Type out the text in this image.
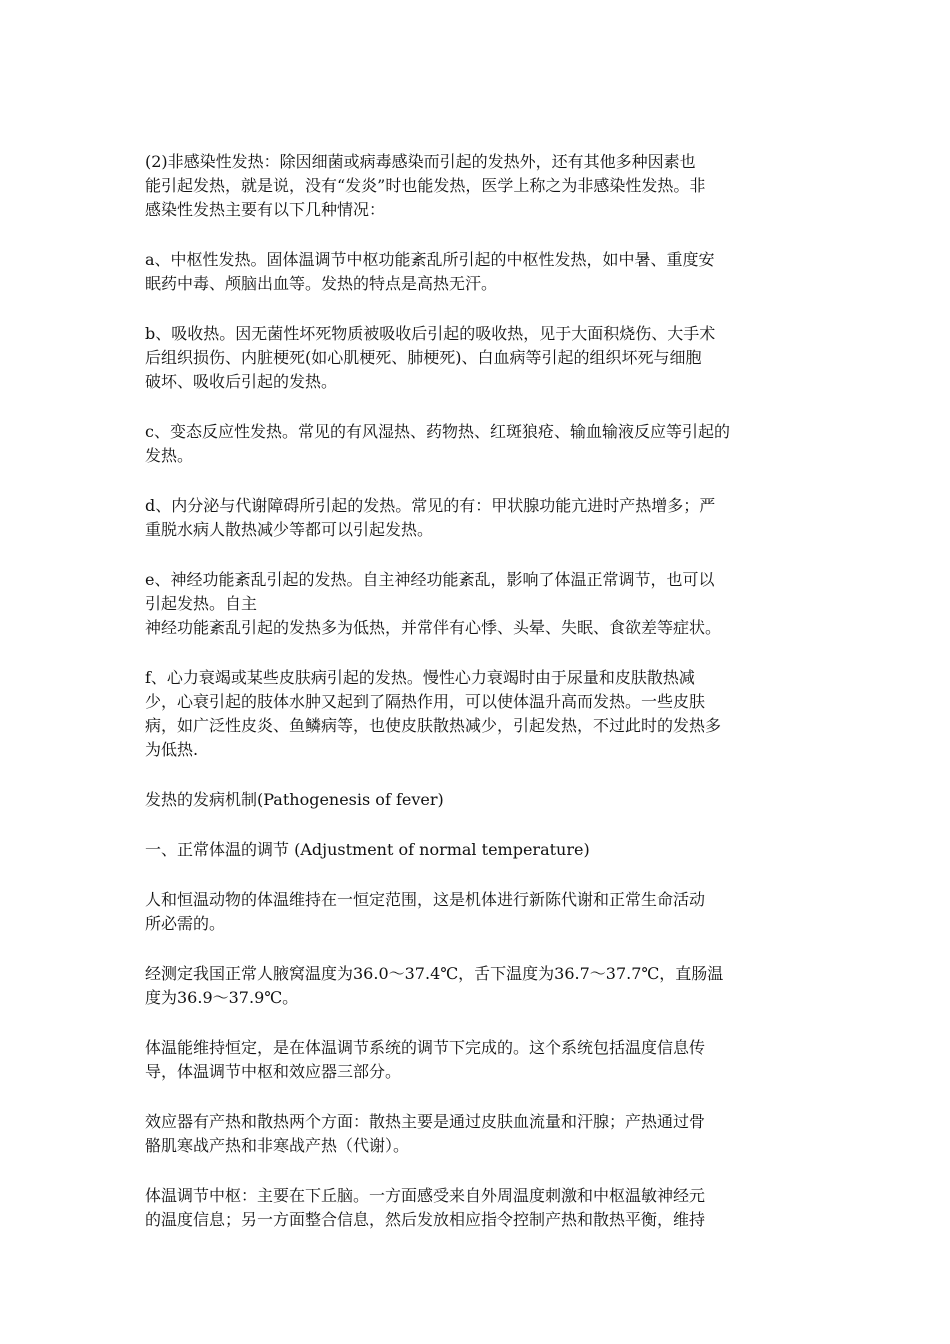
(2)非感染性发热：除因细菌或病毒感染而引起的发热外，还有其他多种因素也
能引起发热，就是说，没有“发炎”时也能发热，医学上称之为非感染性发热。非
感染性发热主要有以下几种情况：

a、中枢性发热。固体温调节中枢功能紊乱所引起的中枢性发热，如中暑、重度安
眠药中毒、颅脑出血等。发热的特点是高热无汗。

b、吸收热。因无菌性坏死物质被吸收后引起的吸收热，见于大面积烧伤、大手术
后组织损伤、内脏梗死(如心肌梗死、肺梗死)、白血病等引起的组织坏死与细胞
破坏、吸收后引起的发热。

c、变态反应性发热。常见的有风湿热、药物热、红斑狼疮、输血输液反应等引起的
发热。

d、内分泌与代谢障碍所引起的发热。常见的有：甲状腺功能亢进时产热增多；严
重脱水病人散热减少等都可以引起发热。

e、神经功能紊乱引起的发热。自主神经功能紊乱，影响了体温正常调节，也可以
引起发热。自主
神经功能紊乱引起的发热多为低热，并常伴有心悸、头晕、失眠、食欲差等症状。

f、心力衰竭或某些皮肤病引起的发热。慢性心力衰竭时由于尿量和皮肤散热减
少，心衰引起的肢体水肿又起到了隔热作用，可以使体温升高而发热。一些皮肤
病，如广泛性皮炎、鱼鳞病等，也使皮肤散热减少，引起发热，不过此时的发热多
为低热.

发热的发病机制(Pathogenesis of fever)

一、正常体温的调节 (Adjustment of normal temperature)

人和恒温动物的体温维持在一恒定范围，这是机体进行新陈代谢和正常生命活动
所必需的。

经测定我国正常人腋窝温度为36.0～37.4℃，舌下温度为36.7～37.7℃，直肠温
度为36.9～37.9℃。

体温能维持恒定，是在体温调节系统的调节下完成的。这个系统包括温度信息传
导，体温调节中枢和效应器三部分。

效应器有产热和散热两个方面：散热主要是通过皮肤血流量和汗腺；产热通过骨
骼肌寒战产热和非寒战产热（代谢）。

体温调节中枢：主要在下丘脑。一方面感受来自外周温度刺激和中枢温敏神经元
的温度信息；另一方面整合信息，然后发放相应指令控制产热和散热平衡，维持
